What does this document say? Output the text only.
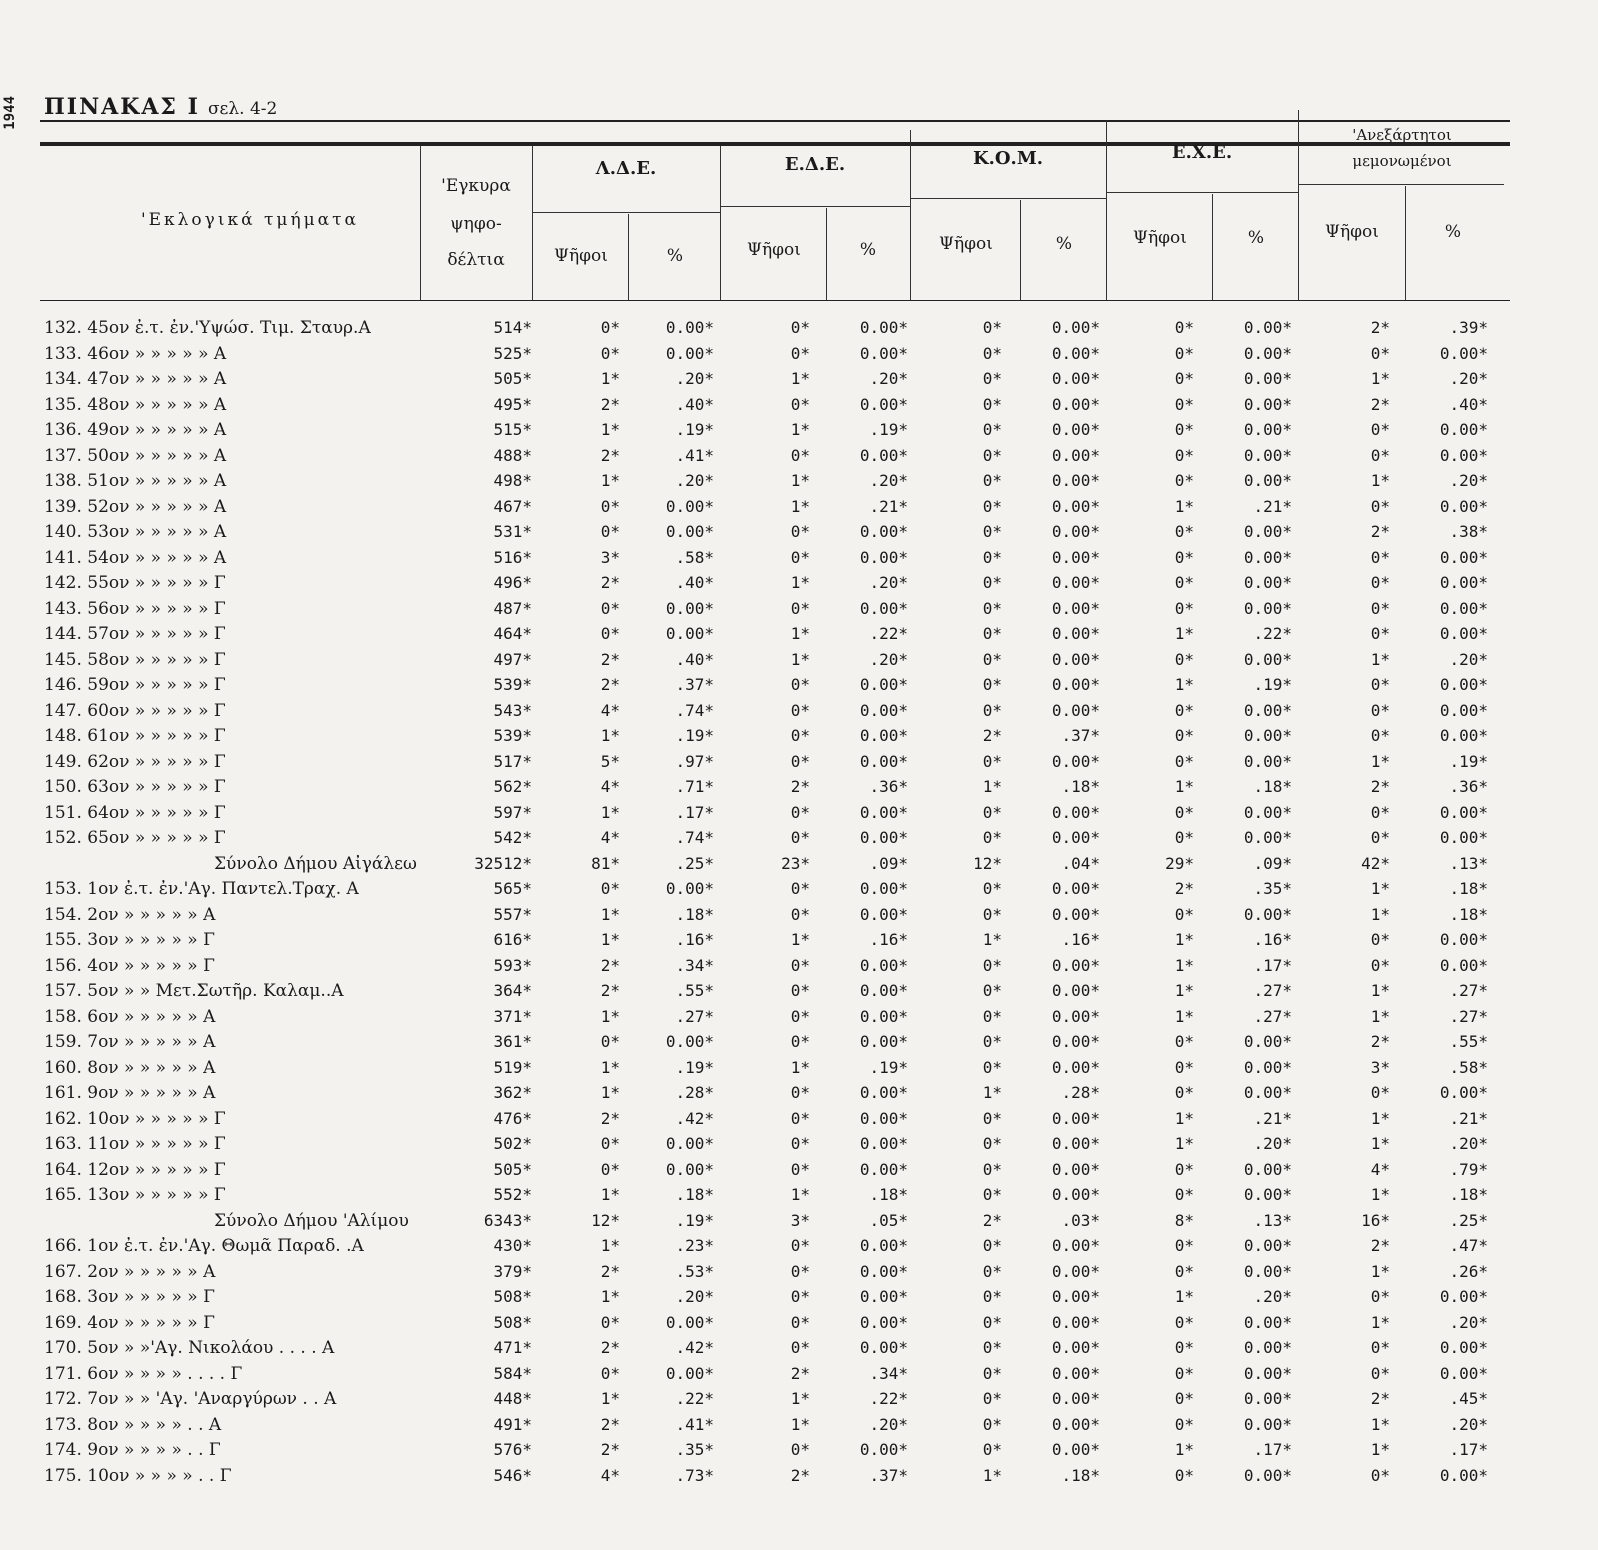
1944 ΠΙΝΑΚΑΣ Ι σελ. 4-2
'Εκλογικά τμήματα
'Εγκυρα
ψηφο-
δέλτια
Λ.Δ.Ε.	Ε.Δ.Ε.	Κ.Ο.Μ.	Ε.Χ.Ε.
'Ανεξάρτητοι
μεμονωμένοι
Ψῆφοι	%	Ψῆφοι	%	Ψῆφοι	%	Ψῆφοι	%	Ψῆφοι	%
132. 45ον ἐ.τ. ἐν.'Υψώσ. Τιμ. Σταυρ.Α	514*	0*	0.00*	0*	0.00*	0*	0.00*	0*	0.00*	2*	.39*
133. 46ον » » » » » Α	525*	0*	0.00*	0*	0.00*	0*	0.00*	0*	0.00*	0*	0.00*
134. 47ον » » » » » Α	505*	1*	.20*	1*	.20*	0*	0.00*	0*	0.00*	1*	.20*
135. 48ον » » » » » Α	495*	2*	.40*	0*	0.00*	0*	0.00*	0*	0.00*	2*	.40*
136. 49ον » » » » » Α	515*	1*	.19*	1*	.19*	0*	0.00*	0*	0.00*	0*	0.00*
137. 50ον » » » » » Α	488*	2*	.41*	0*	0.00*	0*	0.00*	0*	0.00*	0*	0.00*
138. 51ον » » » » » Α	498*	1*	.20*	1*	.20*	0*	0.00*	0*	0.00*	1*	.20*
139. 52ον » » » » » Α	467*	0*	0.00*	1*	.21*	0*	0.00*	1*	.21*	0*	0.00*
140. 53ον » » » » » Α	531*	0*	0.00*	0*	0.00*	0*	0.00*	0*	0.00*	2*	.38*
141. 54ον » » » » » Α	516*	3*	.58*	0*	0.00*	0*	0.00*	0*	0.00*	0*	0.00*
142. 55ον » » » » » Γ	496*	2*	.40*	1*	.20*	0*	0.00*	0*	0.00*	0*	0.00*
143. 56ον » » » » » Γ	487*	0*	0.00*	0*	0.00*	0*	0.00*	0*	0.00*	0*	0.00*
144. 57ον » » » » » Γ	464*	0*	0.00*	1*	.22*	0*	0.00*	1*	.22*	0*	0.00*
145. 58ον » » » » » Γ	497*	2*	.40*	1*	.20*	0*	0.00*	0*	0.00*	1*	.20*
146. 59ον » » » » » Γ	539*	2*	.37*	0*	0.00*	0*	0.00*	1*	.19*	0*	0.00*
147. 60ον » » » » » Γ	543*	4*	.74*	0*	0.00*	0*	0.00*	0*	0.00*	0*	0.00*
148. 61ον » » » » » Γ	539*	1*	.19*	0*	0.00*	2*	.37*	0*	0.00*	0*	0.00*
149. 62ον » » » » » Γ	517*	5*	.97*	0*	0.00*	0*	0.00*	0*	0.00*	1*	.19*
150. 63ον » » » » » Γ	562*	4*	.71*	2*	.36*	1*	.18*	1*	.18*	2*	.36*
151. 64ον » » » » » Γ	597*	1*	.17*	0*	0.00*	0*	0.00*	0*	0.00*	0*	0.00*
152. 65ον » » » » » Γ	542*	4*	.74*	0*	0.00*	0*	0.00*	0*	0.00*	0*	0.00*
Σύνολο Δήμου Αἰγάλεω	32512*	81*	.25*	23*	.09*	12*	.04*	29*	.09*	42*	.13*
153. 1ον ἐ.τ. ἐν.'Αγ. Παντελ.Τραχ. Α	565*	0*	0.00*	0*	0.00*	0*	0.00*	2*	.35*	1*	.18*
154. 2ον » » » » » Α	557*	1*	.18*	0*	0.00*	0*	0.00*	0*	0.00*	1*	.18*
155. 3ον » » » » » Γ	616*	1*	.16*	1*	.16*	1*	.16*	1*	.16*	0*	0.00*
156. 4ον » » » » » Γ	593*	2*	.34*	0*	0.00*	0*	0.00*	1*	.17*	0*	0.00*
157. 5ον » » Μετ.Σωτῆρ. Καλαμ..Α	364*	2*	.55*	0*	0.00*	0*	0.00*	1*	.27*	1*	.27*
158. 6ον » » » » » Α	371*	1*	.27*	0*	0.00*	0*	0.00*	1*	.27*	1*	.27*
159. 7ον » » » » » Α	361*	0*	0.00*	0*	0.00*	0*	0.00*	0*	0.00*	2*	.55*
160. 8ον » » » » » Α	519*	1*	.19*	1*	.19*	0*	0.00*	0*	0.00*	3*	.58*
161. 9ον » » » » » Α	362*	1*	.28*	0*	0.00*	1*	.28*	0*	0.00*	0*	0.00*
162. 10ον » » » » » Γ	476*	2*	.42*	0*	0.00*	0*	0.00*	1*	.21*	1*	.21*
163. 11ον » » » » » Γ	502*	0*	0.00*	0*	0.00*	0*	0.00*	1*	.20*	1*	.20*
164. 12ον » » » » » Γ	505*	0*	0.00*	0*	0.00*	0*	0.00*	0*	0.00*	4*	.79*
165. 13ον » » » » » Γ	552*	1*	.18*	1*	.18*	0*	0.00*	0*	0.00*	1*	.18*
Σύνολο Δήμου 'Αλίμου	6343*	12*	.19*	3*	.05*	2*	.03*	8*	.13*	16*	.25*
166. 1ον ἐ.τ. ἐν.'Αγ. Θωμᾶ Παραδ. .Α	430*	1*	.23*	0*	0.00*	0*	0.00*	0*	0.00*	2*	.47*
167. 2ον » » » » » Α	379*	2*	.53*	0*	0.00*	0*	0.00*	0*	0.00*	1*	.26*
168. 3ον » » » » » Γ	508*	1*	.20*	0*	0.00*	0*	0.00*	1*	.20*	0*	0.00*
169. 4ον » » » » » Γ	508*	0*	0.00*	0*	0.00*	0*	0.00*	0*	0.00*	1*	.20*
170. 5ον » »'Αγ. Νικολάου . . . . Α	471*	2*	.42*	0*	0.00*	0*	0.00*	0*	0.00*	0*	0.00*
171. 6ον » » » » . . . . Γ	584*	0*	0.00*	2*	.34*	0*	0.00*	0*	0.00*	0*	0.00*
172. 7ον » » 'Αγ. 'Αναργύρων . . Α	448*	1*	.22*	1*	.22*	0*	0.00*	0*	0.00*	2*	.45*
173. 8ον » » » » . . Α	491*	2*	.41*	1*	.20*	0*	0.00*	0*	0.00*	1*	.20*
174. 9ον » » » » . . Γ	576*	2*	.35*	0*	0.00*	0*	0.00*	1*	.17*	1*	.17*
175. 10ον » » » » . . Γ	546*	4*	.73*	2*	.37*	1*	.18*	0*	0.00*	0*	0.00*
